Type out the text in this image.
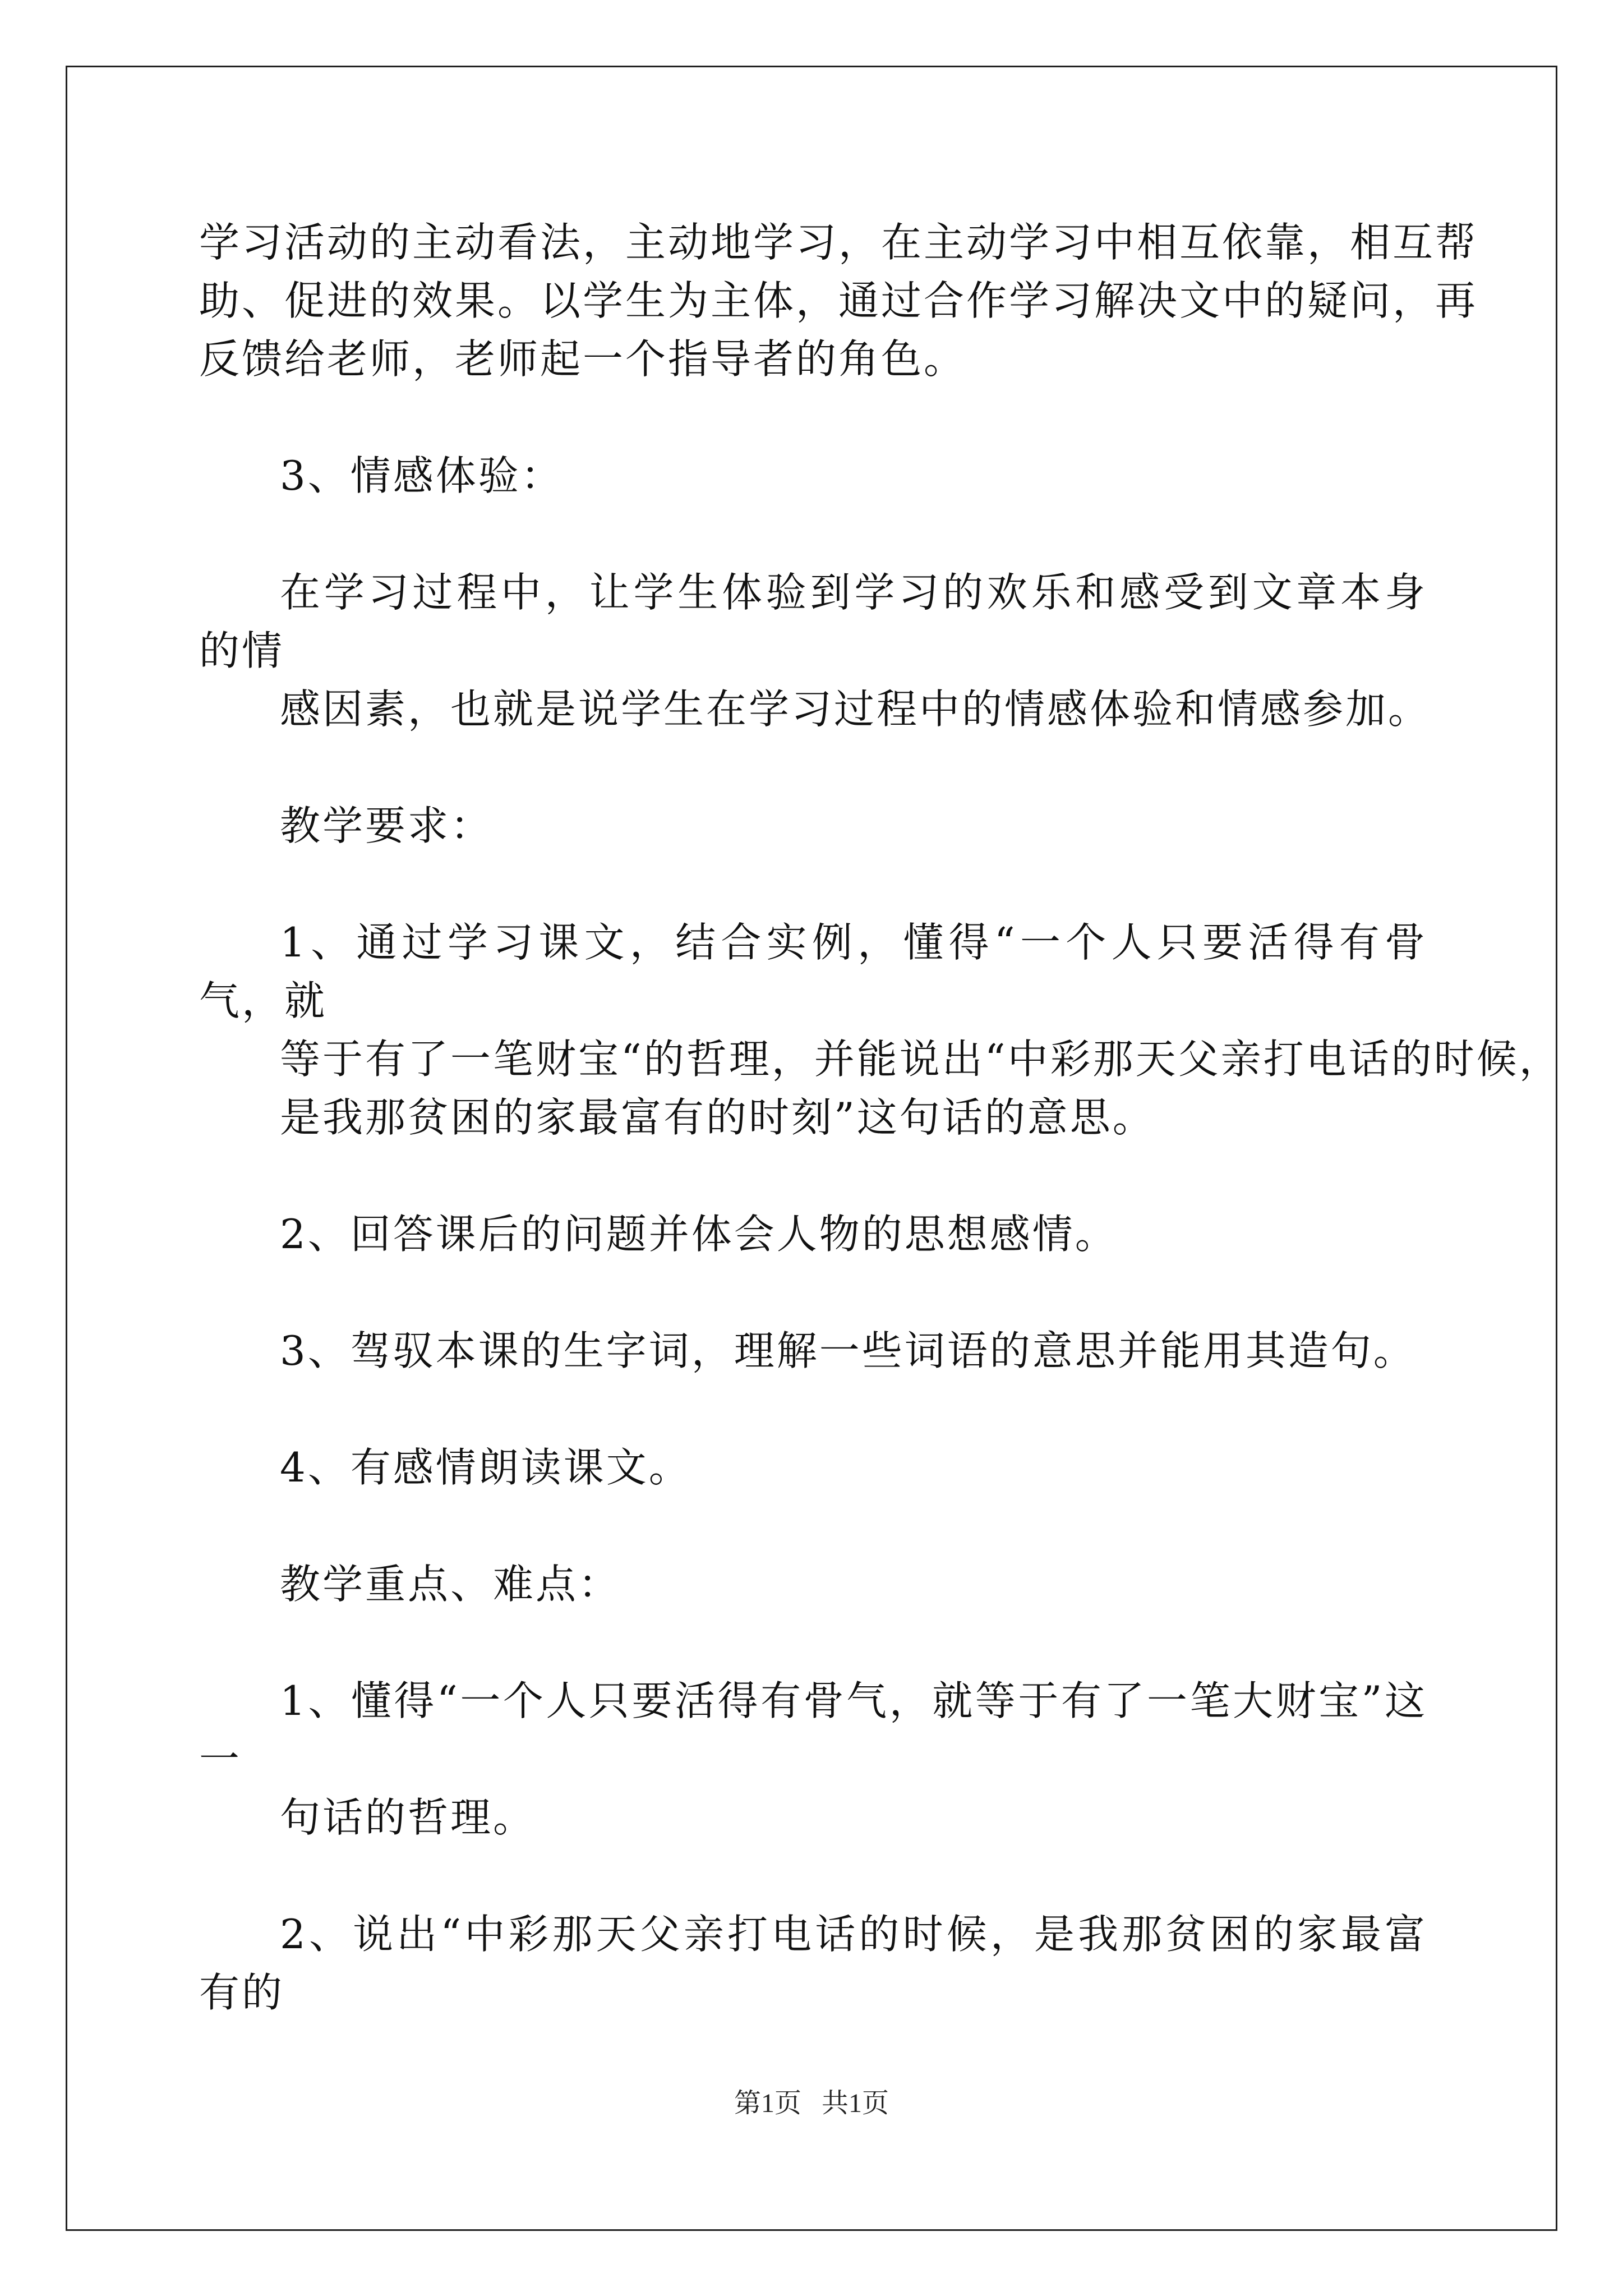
学习活动的主动看法，主动地学习，在主动学习中相互依靠，相互帮
助、促进的效果。以学生为主体，通过合作学习解决文中的疑问，再
反馈给老师，老师起一个指导者的角色。

3、情感体验：

在学习过程中，让学生体验到学习的欢乐和感受到文章本身的情
感因素，也就是说学生在学习过程中的情感体验和情感参加。

教学要求：

1、通过学习课文，结合实例，懂得“一个人只要活得有骨气，就
等于有了一笔财宝“的哲理，并能说出“中彩那天父亲打电话的时候，
是我那贫困的家最富有的时刻”这句话的意思。

2、回答课后的问题并体会人物的思想感情。

3、驾驭本课的生字词，理解一些词语的意思并能用其造句。

4、有感情朗读课文。

教学重点、难点：

1、懂得“一个人只要活得有骨气，就等于有了一笔大财宝”这一
句话的哲理。

2、说出“中彩那天父亲打电话的时候，是我那贫困的家最富有的

第1页 共1页
